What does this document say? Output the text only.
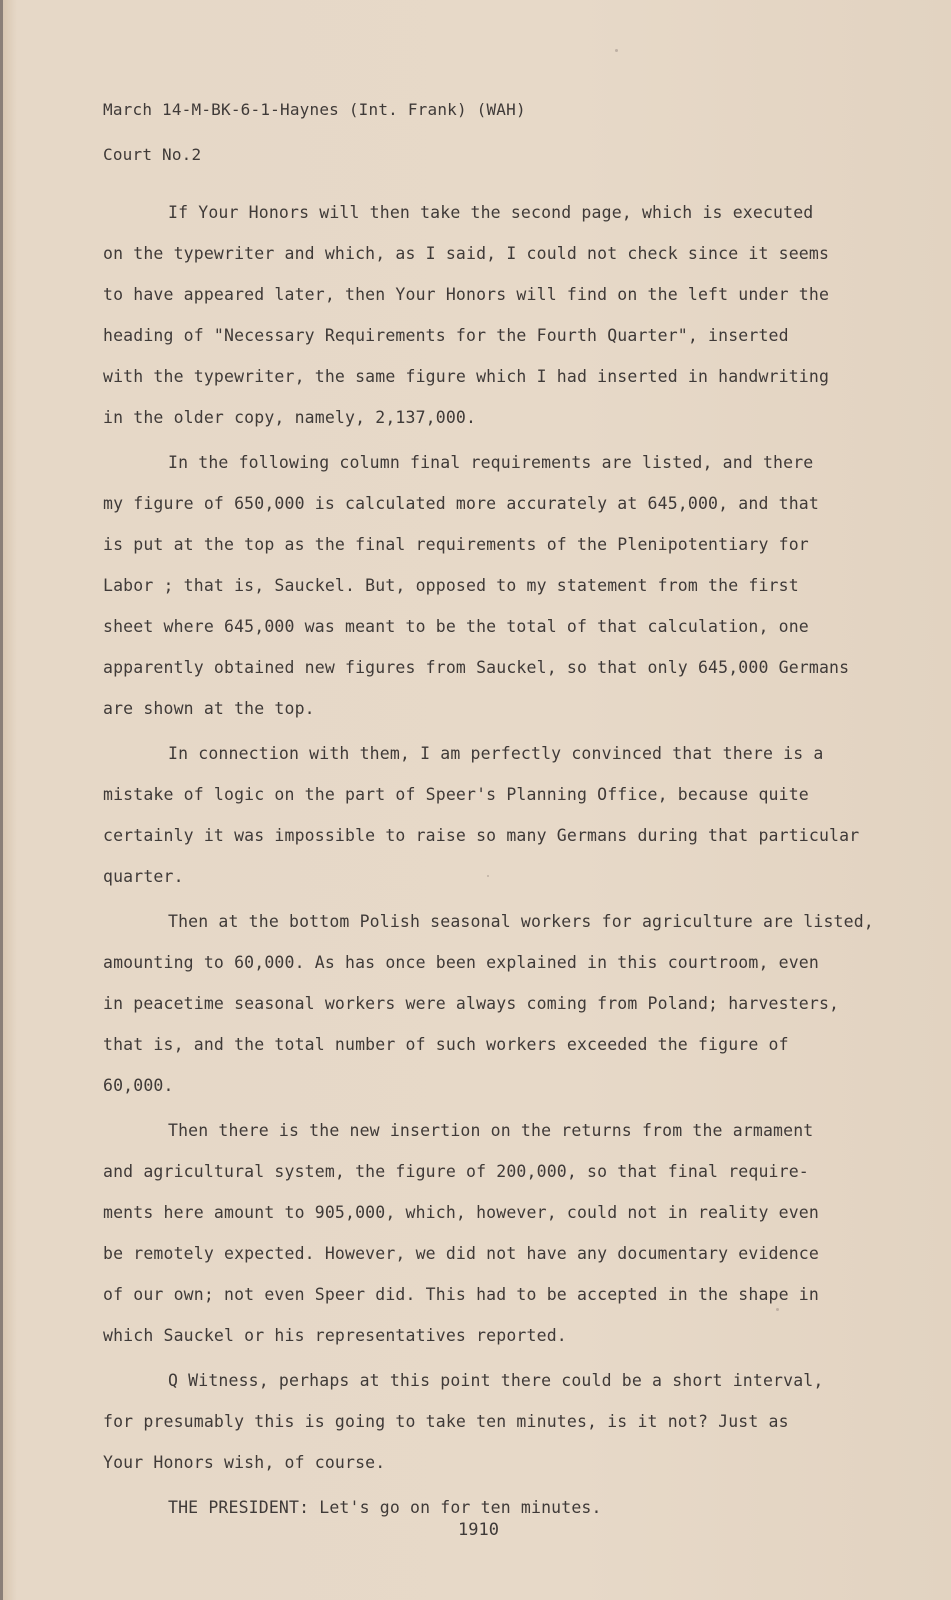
March 14-M-BK-6-1-Haynes (Int. Frank) (WAH)
Court No.2
If Your Honors will then take the second page, which is executed
on the typewriter and which, as I said, I could not check since it seems
to have appeared later, then Your Honors will find on the left under the
heading of "Necessary Requirements for the Fourth Quarter", inserted
with the typewriter, the same figure which I had inserted in handwriting
in the older copy, namely, 2,137,000.
In the following column final requirements are listed, and there
my figure of 650,000 is calculated more accurately at 645,000, and that
is put at the top as the final requirements of the Plenipotentiary for
Labor ; that is, Sauckel. But, opposed to my statement from the first
sheet where 645,000 was meant to be the total of that calculation, one
apparently obtained new figures from Sauckel, so that only 645,000 Germans
are shown at the top.
In connection with them, I am perfectly convinced that there is a
mistake of logic on the part of Speer's Planning Office, because quite
certainly it was impossible to raise so many Germans during that particular
quarter.
Then at the bottom Polish seasonal workers for agriculture are listed,
amounting to 60,000. As has once been explained in this courtroom, even
in peacetime seasonal workers were always coming from Poland; harvesters,
that is, and the total number of such workers exceeded the figure of
60,000.
Then there is the new insertion on the returns from the armament
and agricultural system, the figure of 200,000, so that final require-
ments here amount to 905,000, which, however, could not in reality even
be remotely expected. However, we did not have any documentary evidence
of our own; not even Speer did. This had to be accepted in the shape in
which Sauckel or his representatives reported.
Q Witness, perhaps at this point there could be a short interval,
for presumably this is going to take ten minutes, is it not? Just as
Your Honors wish, of course.
THE PRESIDENT: Let's go on for ten minutes.
1910
